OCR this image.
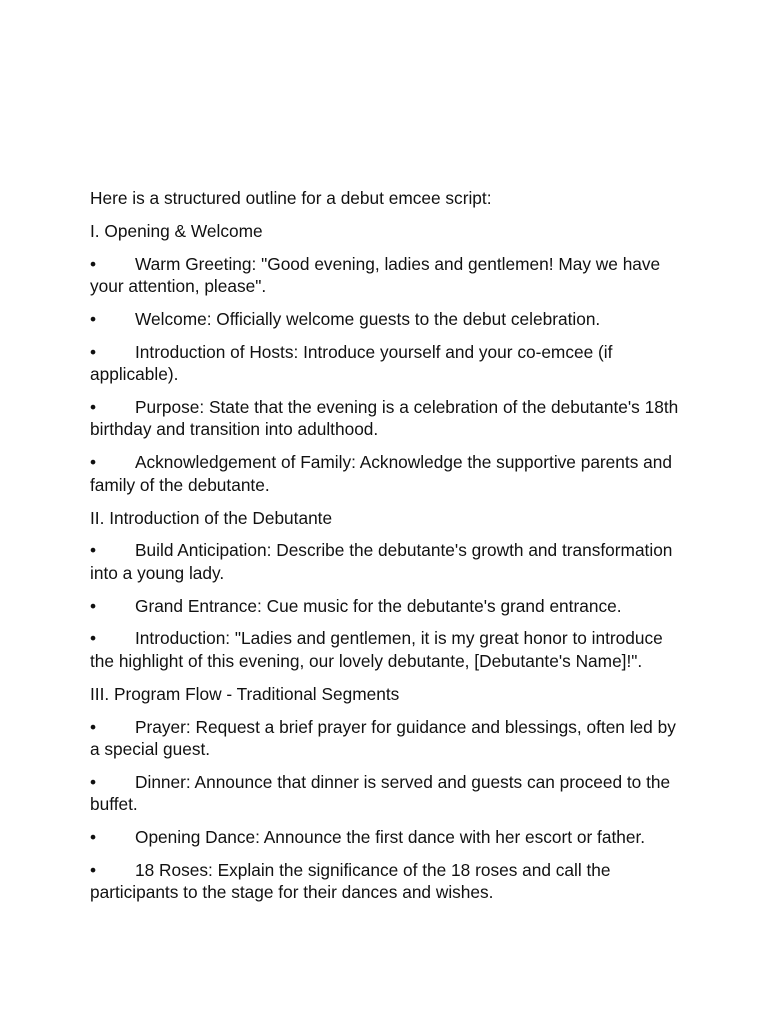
Here is a structured outline for a debut emcee script:

I. Opening & Welcome

• Warm Greeting: "Good evening, ladies and gentlemen! May we have your attention, please".

• Welcome: Officially welcome guests to the debut celebration.

• Introduction of Hosts: Introduce yourself and your co-emcee (if applicable).

• Purpose: State that the evening is a celebration of the debutante's 18th birthday and transition into adulthood.

• Acknowledgement of Family: Acknowledge the supportive parents and family of the debutante.

II. Introduction of the Debutante

• Build Anticipation: Describe the debutante's growth and transformation into a young lady.

• Grand Entrance: Cue music for the debutante's grand entrance.

• Introduction: "Ladies and gentlemen, it is my great honor to introduce the highlight of this evening, our lovely debutante, [Debutante's Name]!".

III. Program Flow - Traditional Segments

• Prayer: Request a brief prayer for guidance and blessings, often led by a special guest.

• Dinner: Announce that dinner is served and guests can proceed to the buffet.

• Opening Dance: Announce the first dance with her escort or father.

• 18 Roses: Explain the significance of the 18 roses and call the participants to the stage for their dances and wishes.
